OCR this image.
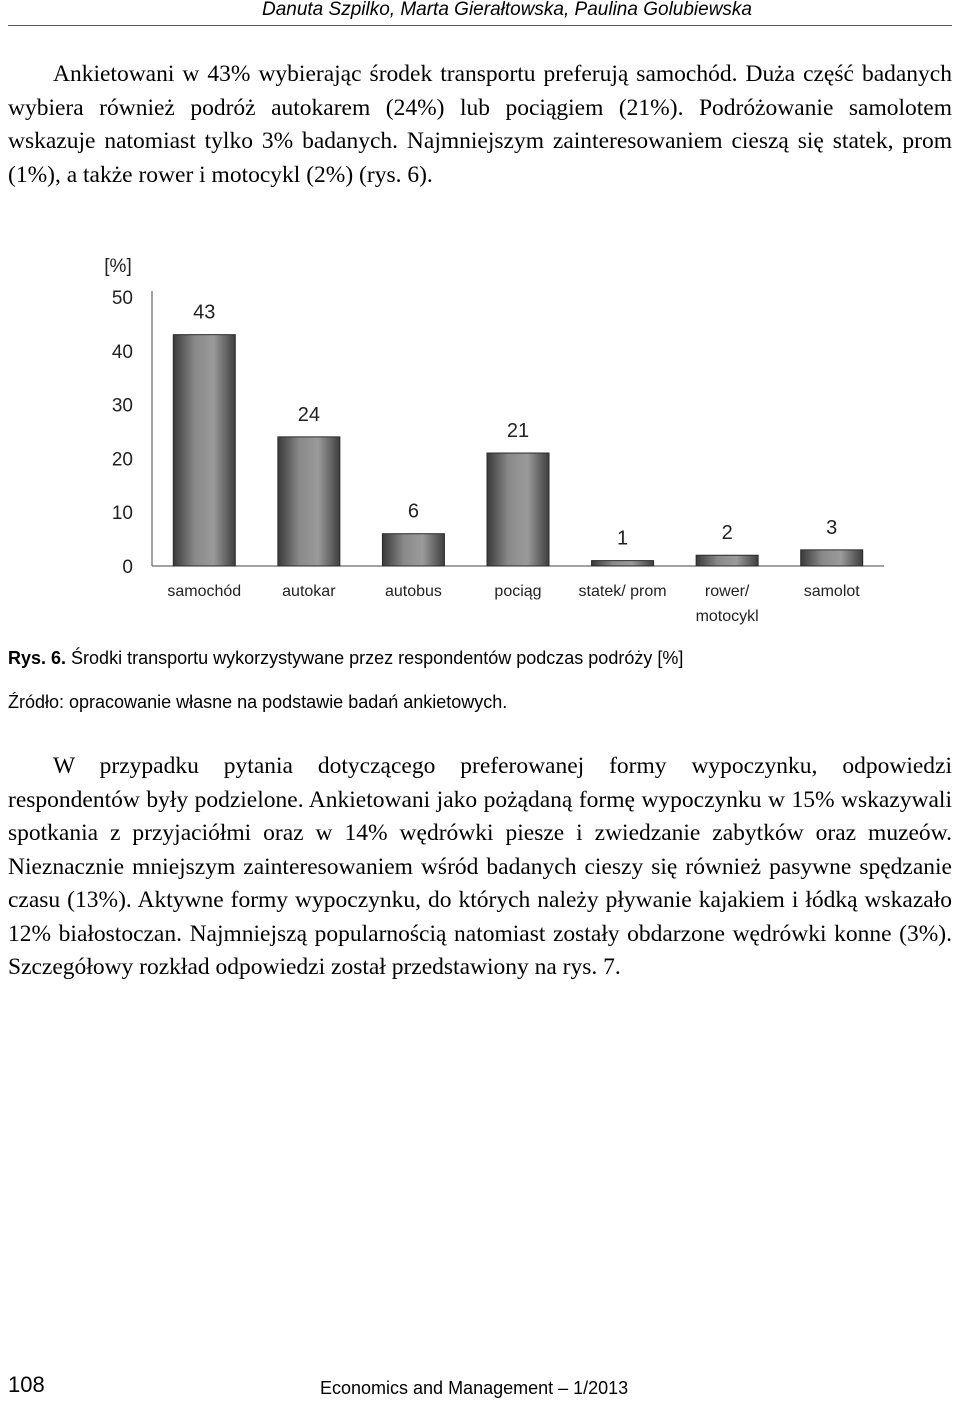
Danuta Szpilko, Marta Gierałtowska, Paulina Golubiewska

Ankietowani w 43% wybierając środek transportu preferują samochód. Duża część badanych wybiera również podróż autokarem (24%) lub pociągiem (21%). Podróżowanie samolotem wskazuje natomiast tylko 3% badanych. Najmniejszym zainteresowaniem cieszą się statek, prom (1%), a także rower i motocykl (2%) (rys. 6).

[%]
0
10
20
30
40
50
43
samochód
24
autokar
6
autobus
21
pociąg
1
statek/ prom
2
rower/
motocykl
3
samolot
Rys. 6. Środki transportu wykorzystywane przez respondentów podczas podróży [%]
Źródło: opracowanie własne na podstawie badań ankietowych.

W przypadku pytania dotyczącego preferowanej formy wypoczynku, odpowiedzi respondentów były podzielone. Ankietowani jako pożądaną formę wypoczynku w 15% wskazywali spotkania z przyjaciółmi oraz w 14% wędrówki piesze i zwiedzanie zabytków oraz muzeów. Nieznacznie mniejszym zainteresowaniem wśród badanych cieszy się również pasywne spędzanie czasu (13%). Aktywne formy wypoczynku, do których należy pływanie kajakiem i łódką wskazało 12% białostoczan. Najmniejszą popularnością natomiast zostały obdarzone wędrówki konne (3%). Szczegółowy rozkład odpowiedzi został przedstawiony na rys. 7.

108	Economics and Management – 1/2013
